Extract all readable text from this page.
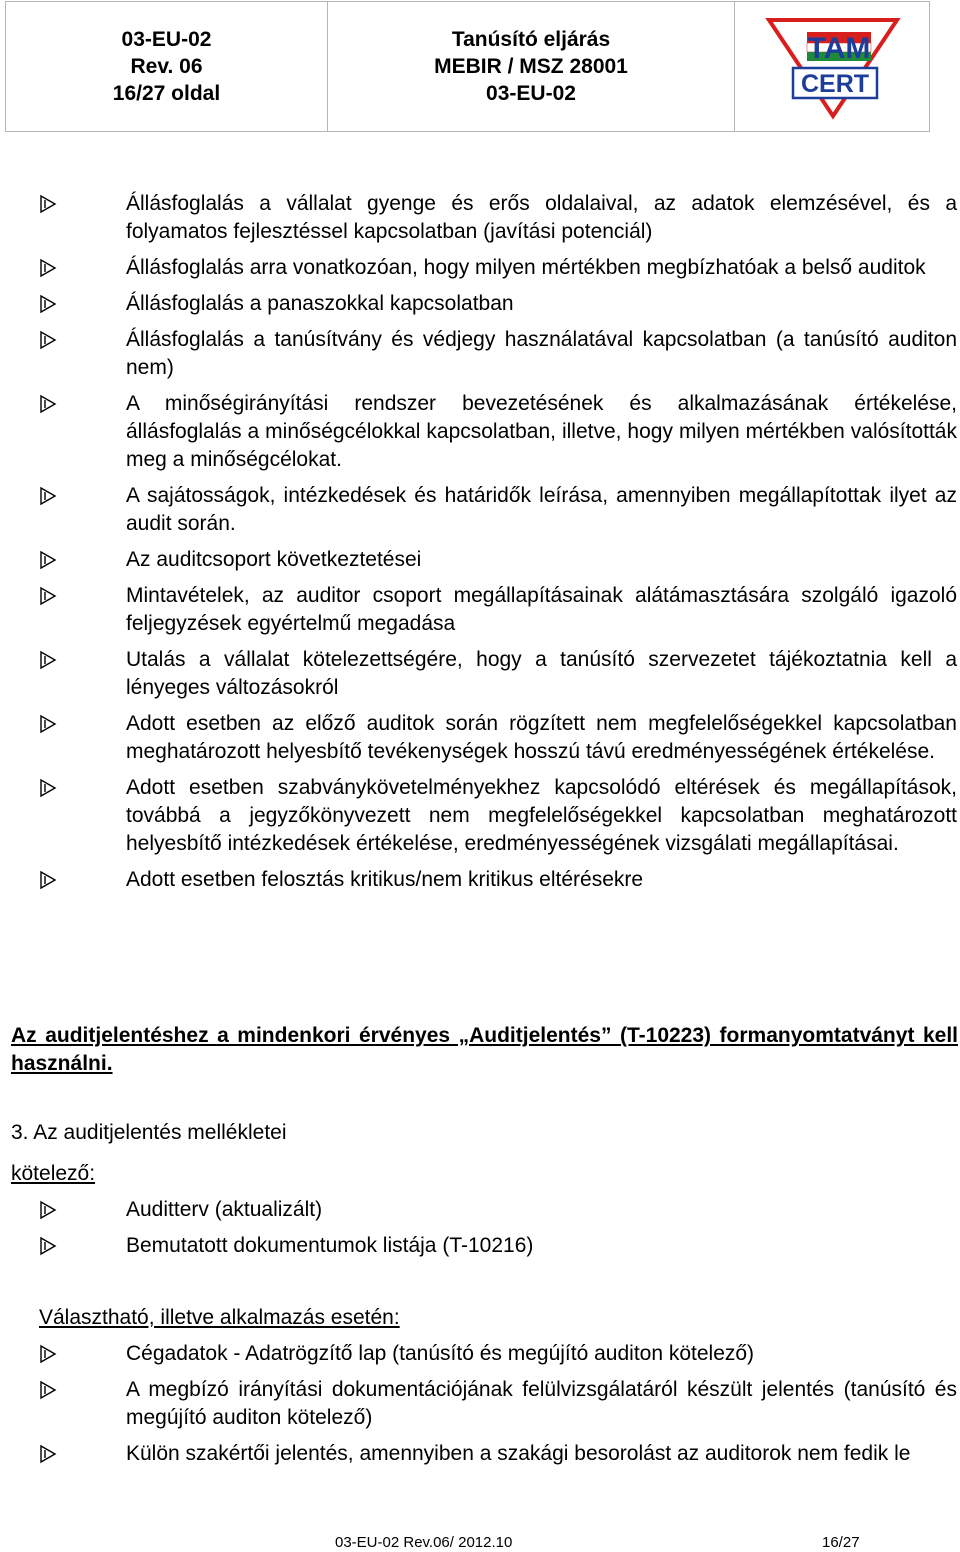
03-EU-02
Rev. 06
16/27 oldal
Tanúsító eljárás
MEBIR / MSZ 28001
03-EU-02
TAM
CERT
Állásfoglalás a vállalat gyenge és erős oldalaival, az adatok elemzésével, és a folyamatos fejlesztéssel kapcsolatban (javítási potenciál)
Állásfoglalás arra vonatkozóan, hogy milyen mértékben megbízhatóak a belső auditok
Állásfoglalás a panaszokkal kapcsolatban
Állásfoglalás a tanúsítvány és védjegy használatával kapcsolatban (a tanúsító auditon nem)
A minőségirányítási rendszer bevezetésének és alkalmazásának értékelése, állásfoglalás a minőségcélokkal kapcsolatban, illetve, hogy milyen mértékben valósították meg a minőségcélokat.
A sajátosságok, intézkedések és határidők leírása, amennyiben megállapítottak ilyet az audit során.
Az auditcsoport következtetései
Mintavételek, az auditor csoport megállapításainak alátámasztására szolgáló igazoló feljegyzések egyértelmű megadása
Utalás a vállalat kötelezettségére, hogy a tanúsító szervezetet tájékoztatnia kell a lényeges változásokról
Adott esetben az előző auditok során rögzített nem megfelelőségekkel kapcsolatban meghatározott helyesbítő tevékenységek hosszú távú eredményességének értékelése.
Adott esetben szabványkövetelményekhez kapcsolódó eltérések és megállapítások, továbbá a jegyzőkönyvezett nem megfelelőségekkel kapcsolatban meghatározott helyesbítő intézkedések értékelése, eredményességének vizsgálati megállapításai.
Adott esetben felosztás kritikus/nem kritikus eltérésekre
Az auditjelentéshez a mindenkori érvényes „Auditjelentés” (T-10223) formanyomtatványt kell használni.
3. Az auditjelentés mellékletei
kötelező:
Auditterv (aktualizált)
Bemutatott dokumentumok listája (T-10216)
Választható, illetve alkalmazás esetén:
Cégadatok - Adatrögzítő lap (tanúsító és megújító auditon kötelező)
A megbízó irányítási dokumentációjának felülvizsgálatáról készült jelentés (tanúsító és megújító auditon kötelező)
Külön szakértői jelentés, amennyiben a szakági besorolást az auditorok nem fedik le
03-EU-02 Rev.06/ 2012.10	16/27
